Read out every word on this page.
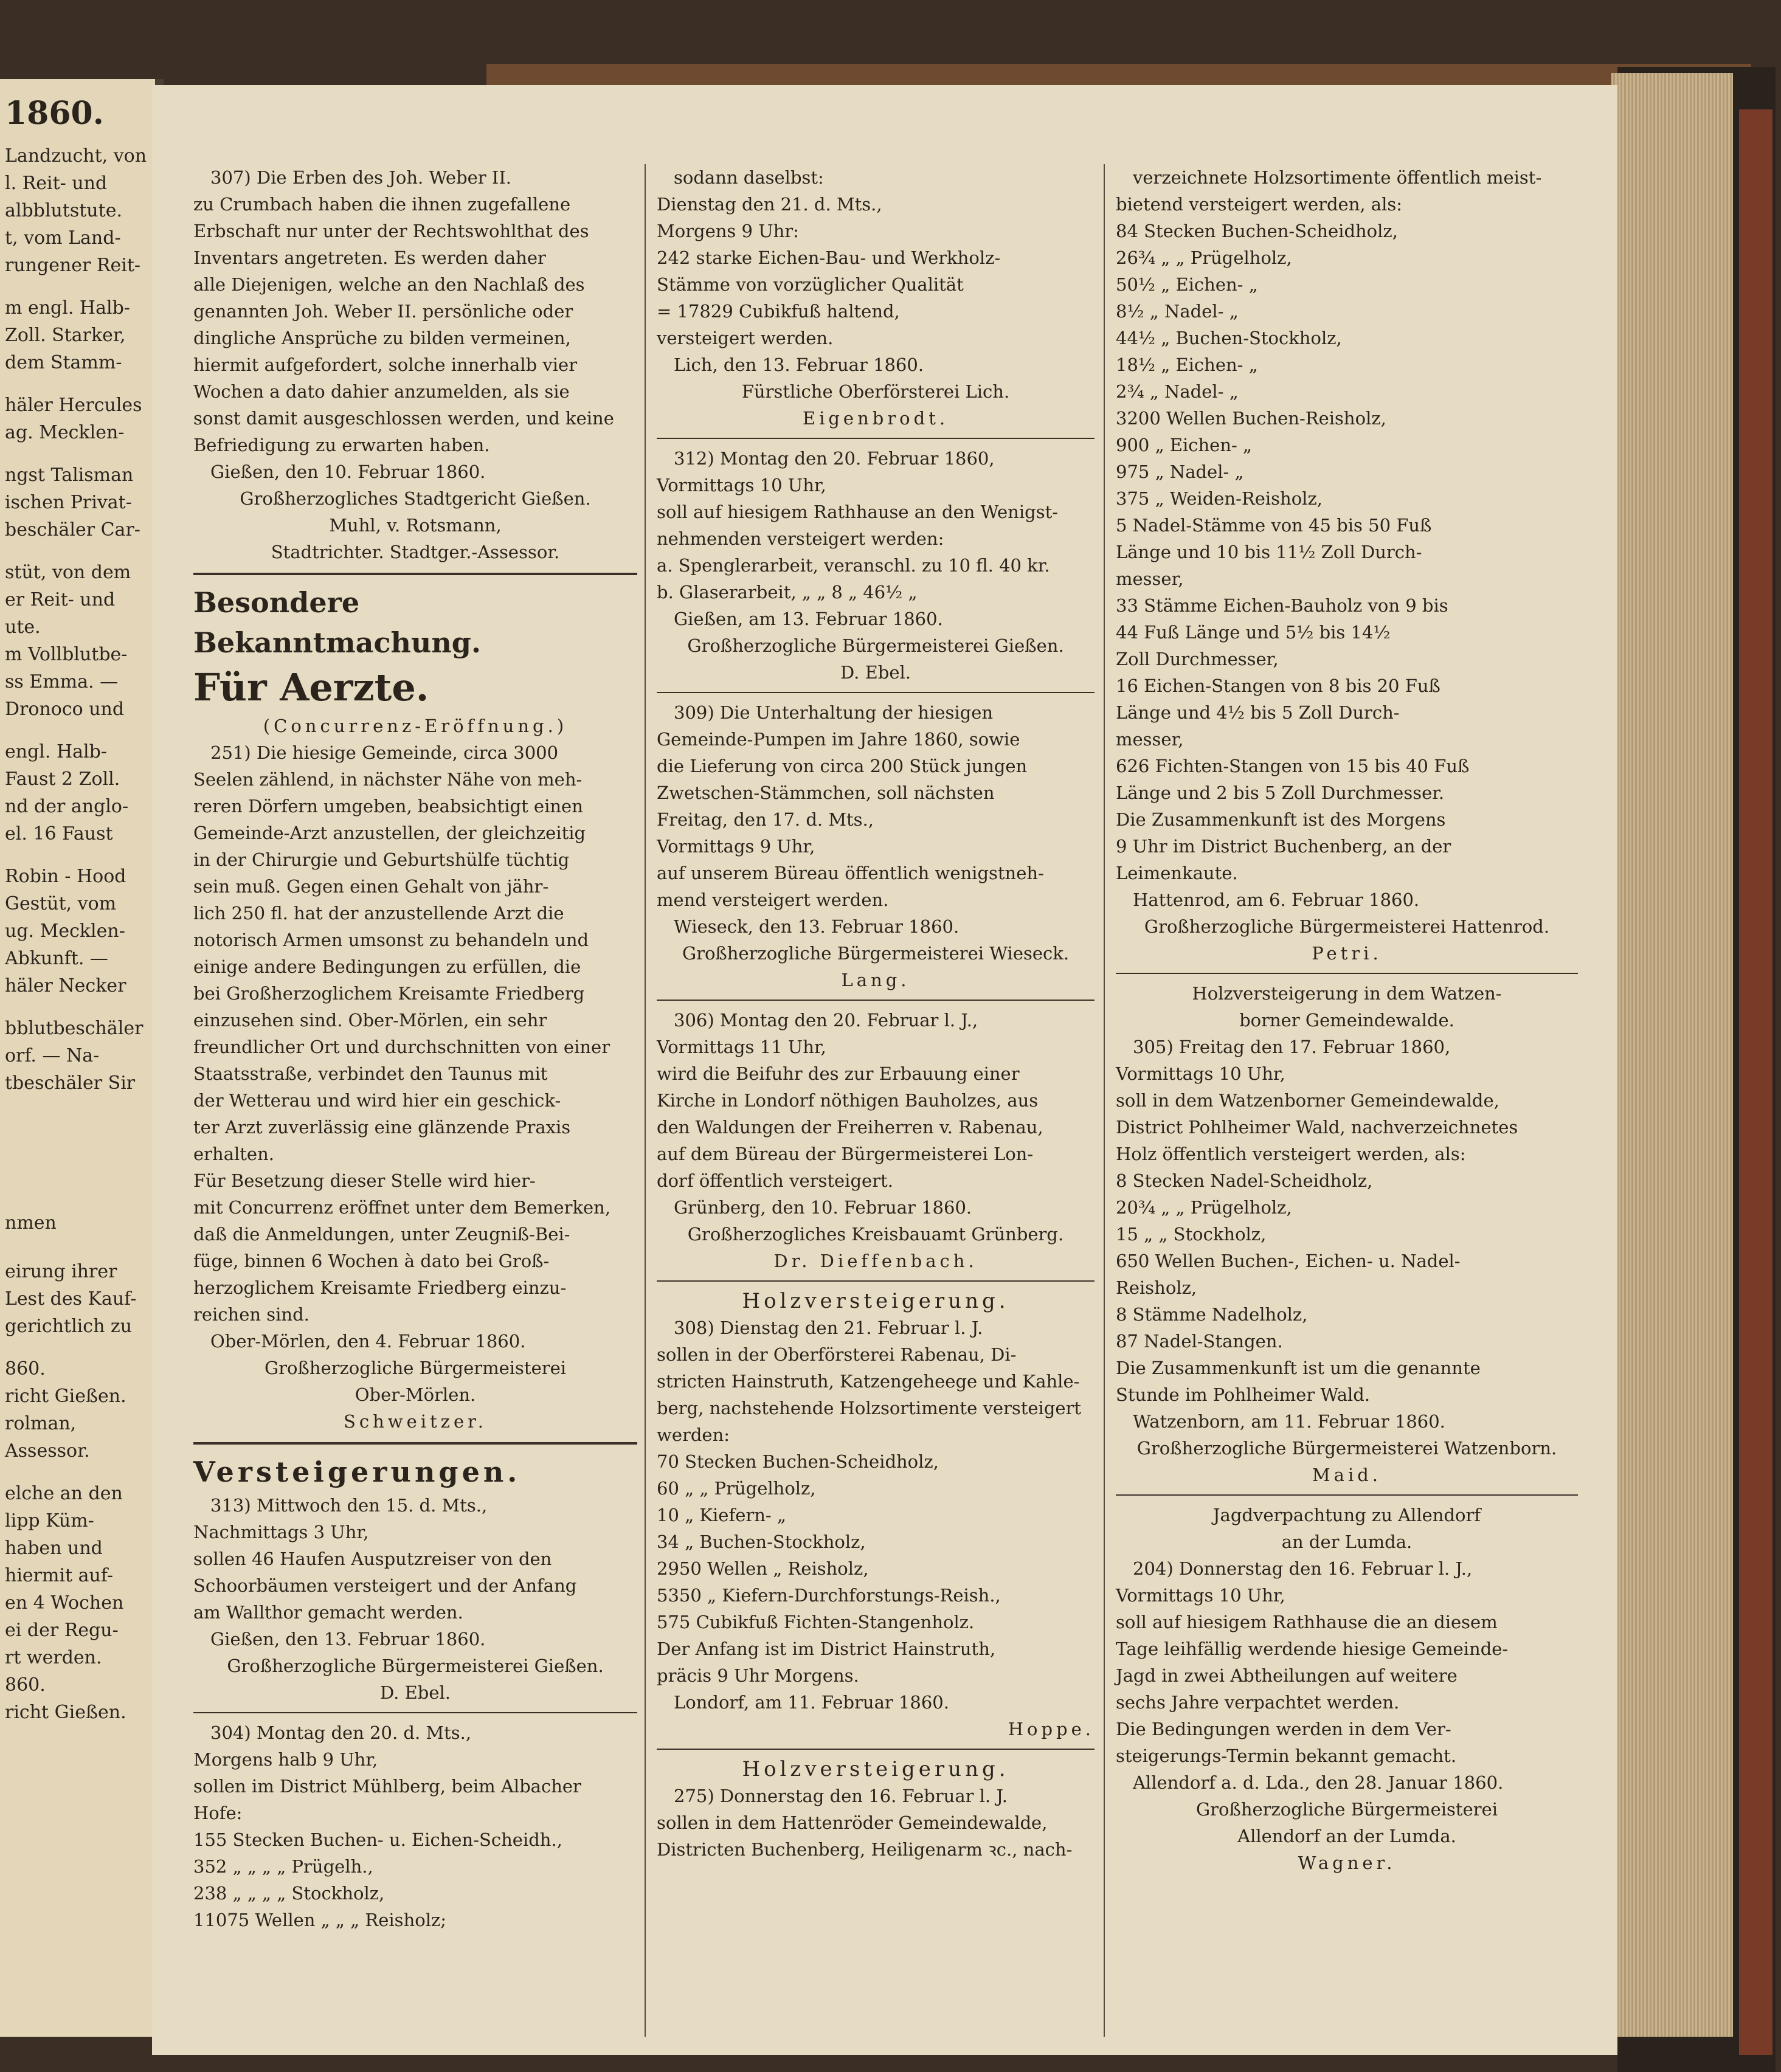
1860.
Landzucht, von
l. Reit- und
albblutstute.
t, vom Land-
rungener Reit-
m engl. Halb-
Zoll. Starker,
dem Stamm-
häler Hercules
ag. Mecklen-
ngst Talisman
ischen Privat-
beschäler Car-
stüt, von dem
er Reit- und
ute.
m Vollblutbe-
ss Emma. —
Dronoco und
engl. Halb-
Faust 2 Zoll.
nd der anglo-
el. 16 Faust
Robin - Hood
Gestüt, vom
ug. Mecklen-
Abkunft. —
häler Necker
bblutbeschäler
orf. — Na-
tbeschäler Sir
nmen
eirung ihrer
Lest des Kauf-
gerichtlich zu
860.
richt Gießen.
rolman,
Assessor.
elche an den
lipp Küm-
haben und
hiermit auf-
en 4 Wochen
ei der Regu-
rt werden.
860.
richt Gießen.

307) Die Erben des Joh. Weber II.

zu Crumbach haben die ihnen zugefallene

Erbschaft nur unter der Rechtswohlthat des

Inventars angetreten. Es werden daher

alle Diejenigen, welche an den Nachlaß des

genannten Joh. Weber II. persönliche oder

dingliche Ansprüche zu bilden vermeinen,

hiermit aufgefordert, solche innerhalb vier

Wochen a dato dahier anzumelden, als sie

sonst damit ausgeschlossen werden, und keine

Befriedigung zu erwarten haben.

Gießen, den 10. Februar 1860.

Großherzogliches Stadtgericht Gießen.

Muhl, v. Rotsmann,

Stadtrichter. Stadtger.-Assessor.

Besondere Bekanntmachung.

Für Aerzte.

(Concurrenz-Eröffnung.)

251) Die hiesige Gemeinde, circa 3000

Seelen zählend, in nächster Nähe von meh-

reren Dörfern umgeben, beabsichtigt einen

Gemeinde-Arzt anzustellen, der gleichzeitig

in der Chirurgie und Geburtshülfe tüchtig

sein muß. Gegen einen Gehalt von jähr-

lich 250 fl. hat der anzustellende Arzt die

notorisch Armen umsonst zu behandeln und

einige andere Bedingungen zu erfüllen, die

bei Großherzoglichem Kreisamte Friedberg

einzusehen sind. Ober-Mörlen, ein sehr

freundlicher Ort und durchschnitten von einer

Staatsstraße, verbindet den Taunus mit

der Wetterau und wird hier ein geschick-

ter Arzt zuverlässig eine glänzende Praxis

erhalten.

Für Besetzung dieser Stelle wird hier-

mit Concurrenz eröffnet unter dem Bemerken,

daß die Anmeldungen, unter Zeugniß-Bei-

füge, binnen 6 Wochen à dato bei Groß-

herzoglichem Kreisamte Friedberg einzu-

reichen sind.

Ober-Mörlen, den 4. Februar 1860.

Großherzogliche Bürgermeisterei

Ober-Mörlen.

Schweitzer.

Versteigerungen.

313) Mittwoch den 15. d. Mts.,

Nachmittags 3 Uhr,

sollen 46 Haufen Ausputzreiser von den

Schoorbäumen versteigert und der Anfang

am Wallthor gemacht werden.

Gießen, den 13. Februar 1860.

Großherzogliche Bürgermeisterei Gießen.

D. Ebel.

304) Montag den 20. d. Mts.,

Morgens halb 9 Uhr,

sollen im District Mühlberg, beim Albacher

Hofe:

155 Stecken Buchen- u. Eichen-Scheidh.,

352 „ „ „ „ Prügelh.,

238 „ „ „ „ Stockholz,

11075 Wellen „ „ „ Reisholz;

sodann daselbst:

Dienstag den 21. d. Mts.,

Morgens 9 Uhr:

242 starke Eichen-Bau- und Werkholz-

Stämme von vorzüglicher Qualität

= 17829 Cubikfuß haltend,

versteigert werden.

Lich, den 13. Februar 1860.

Fürstliche Oberförsterei Lich.

Eigenbrodt.

312) Montag den 20. Februar 1860,

Vormittags 10 Uhr,

soll auf hiesigem Rathhause an den Wenigst-

nehmenden versteigert werden:

a. Spenglerarbeit, veranschl. zu 10 fl. 40 kr.

b. Glaserarbeit, „ „ 8 „ 46½ „

Gießen, am 13. Februar 1860.

Großherzogliche Bürgermeisterei Gießen.

D. Ebel.

309) Die Unterhaltung der hiesigen

Gemeinde-Pumpen im Jahre 1860, sowie

die Lieferung von circa 200 Stück jungen

Zwetschen-Stämmchen, soll nächsten

Freitag, den 17. d. Mts.,

Vormittags 9 Uhr,

auf unserem Büreau öffentlich wenigstneh-

mend versteigert werden.

Wieseck, den 13. Februar 1860.

Großherzogliche Bürgermeisterei Wieseck.

Lang.

306) Montag den 20. Februar l. J.,

Vormittags 11 Uhr,

wird die Beifuhr des zur Erbauung einer

Kirche in Londorf nöthigen Bauholzes, aus

den Waldungen der Freiherren v. Rabenau,

auf dem Büreau der Bürgermeisterei Lon-

dorf öffentlich versteigert.

Grünberg, den 10. Februar 1860.

Großherzogliches Kreisbauamt Grünberg.

Dr. Dieffenbach.

Holzversteigerung.

308) Dienstag den 21. Februar l. J.

sollen in der Oberförsterei Rabenau, Di-

stricten Hainstruth, Katzengeheege und Kahle-

berg, nachstehende Holzsortimente versteigert

werden:

70 Stecken Buchen-Scheidholz,

60 „ „ Prügelholz,

10 „ Kiefern- „

34 „ Buchen-Stockholz,

2950 Wellen „ Reisholz,

5350 „ Kiefern-Durchforstungs-Reish.,

575 Cubikfuß Fichten-Stangenholz.

Der Anfang ist im District Hainstruth,

präcis 9 Uhr Morgens.

Londorf, am 11. Februar 1860.

Hoppe.

Holzversteigerung.

275) Donnerstag den 16. Februar l. J.

sollen in dem Hattenröder Gemeindewalde,

Districten Buchenberg, Heiligenarm ꝛc., nach-

verzeichnete Holzsortimente öffentlich meist-

bietend versteigert werden, als:

84 Stecken Buchen-Scheidholz,

26¾ „ „ Prügelholz,

50½ „ Eichen- „

8½ „ Nadel- „

44½ „ Buchen-Stockholz,

18½ „ Eichen- „

2¾ „ Nadel- „

3200 Wellen Buchen-Reisholz,

900 „ Eichen- „

975 „ Nadel- „

375 „ Weiden-Reisholz,

5 Nadel-Stämme von 45 bis 50 Fuß

Länge und 10 bis 11½ Zoll Durch-

messer,

33 Stämme Eichen-Bauholz von 9 bis

44 Fuß Länge und 5½ bis 14½

Zoll Durchmesser,

16 Eichen-Stangen von 8 bis 20 Fuß

Länge und 4½ bis 5 Zoll Durch-

messer,

626 Fichten-Stangen von 15 bis 40 Fuß

Länge und 2 bis 5 Zoll Durchmesser.

Die Zusammenkunft ist des Morgens

9 Uhr im District Buchenberg, an der

Leimenkaute.

Hattenrod, am 6. Februar 1860.

Großherzogliche Bürgermeisterei Hattenrod.

Petri.

Holzversteigerung in dem Watzen-

borner Gemeindewalde.

305) Freitag den 17. Februar 1860,

Vormittags 10 Uhr,

soll in dem Watzenborner Gemeindewalde,

District Pohlheimer Wald, nachverzeichnetes

Holz öffentlich versteigert werden, als:

8 Stecken Nadel-Scheidholz,

20¾ „ „ Prügelholz,

15 „ „ Stockholz,

650 Wellen Buchen-, Eichen- u. Nadel-

Reisholz,

8 Stämme Nadelholz,

87 Nadel-Stangen.

Die Zusammenkunft ist um die genannte

Stunde im Pohlheimer Wald.

Watzenborn, am 11. Februar 1860.

Großherzogliche Bürgermeisterei Watzenborn.

Maid.

Jagdverpachtung zu Allendorf

an der Lumda.

204) Donnerstag den 16. Februar l. J.,

Vormittags 10 Uhr,

soll auf hiesigem Rathhause die an diesem

Tage leihfällig werdende hiesige Gemeinde-

Jagd in zwei Abtheilungen auf weitere

sechs Jahre verpachtet werden.

Die Bedingungen werden in dem Ver-

steigerungs-Termin bekannt gemacht.

Allendorf a. d. Lda., den 28. Januar 1860.

Großherzogliche Bürgermeisterei

Allendorf an der Lumda.

Wagner.
